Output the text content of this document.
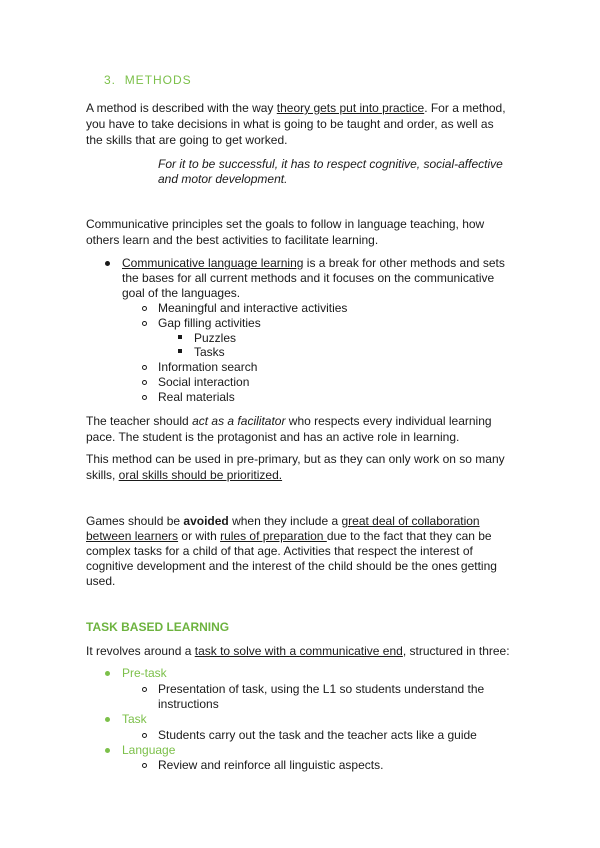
3. METHODS
A method is described with the way theory gets put into practice. For a method,
you have to take decisions in what is going to be taught and order, as well as
the skills that are going to get worked.
For it to be successful, it has to respect cognitive, social-affective
and motor development.
Communicative principles set the goals to follow in language teaching, how
others learn and the best activities to facilitate learning.
Communicative language learning is a break for other methods and sets
the bases for all current methods and it focuses on the communicative
goal of the languages.
Meaningful and interactive activities
Gap filling activities
Puzzles
Tasks
Information search
Social interaction
Real materials
The teacher should act as a facilitator who respects every individual learning
pace. The student is the protagonist and has an active role in learning.
This method can be used in pre-primary, but as they can only work on so many
skills, oral skills should be prioritized.
Games should be avoided when they include a great deal of collaboration
between learners or with rules of preparation due to the fact that they can be
complex tasks for a child of that age. Activities that respect the interest of
cognitive development and the interest of the child should be the ones getting
used.
TASK BASED LEARNING
It revolves around a task to solve with a communicative end, structured in three:
Pre-task
Presentation of task, using the L1 so students understand the
instructions
Task
Students carry out the task and the teacher acts like a guide
Language
Review and reinforce all linguistic aspects.
